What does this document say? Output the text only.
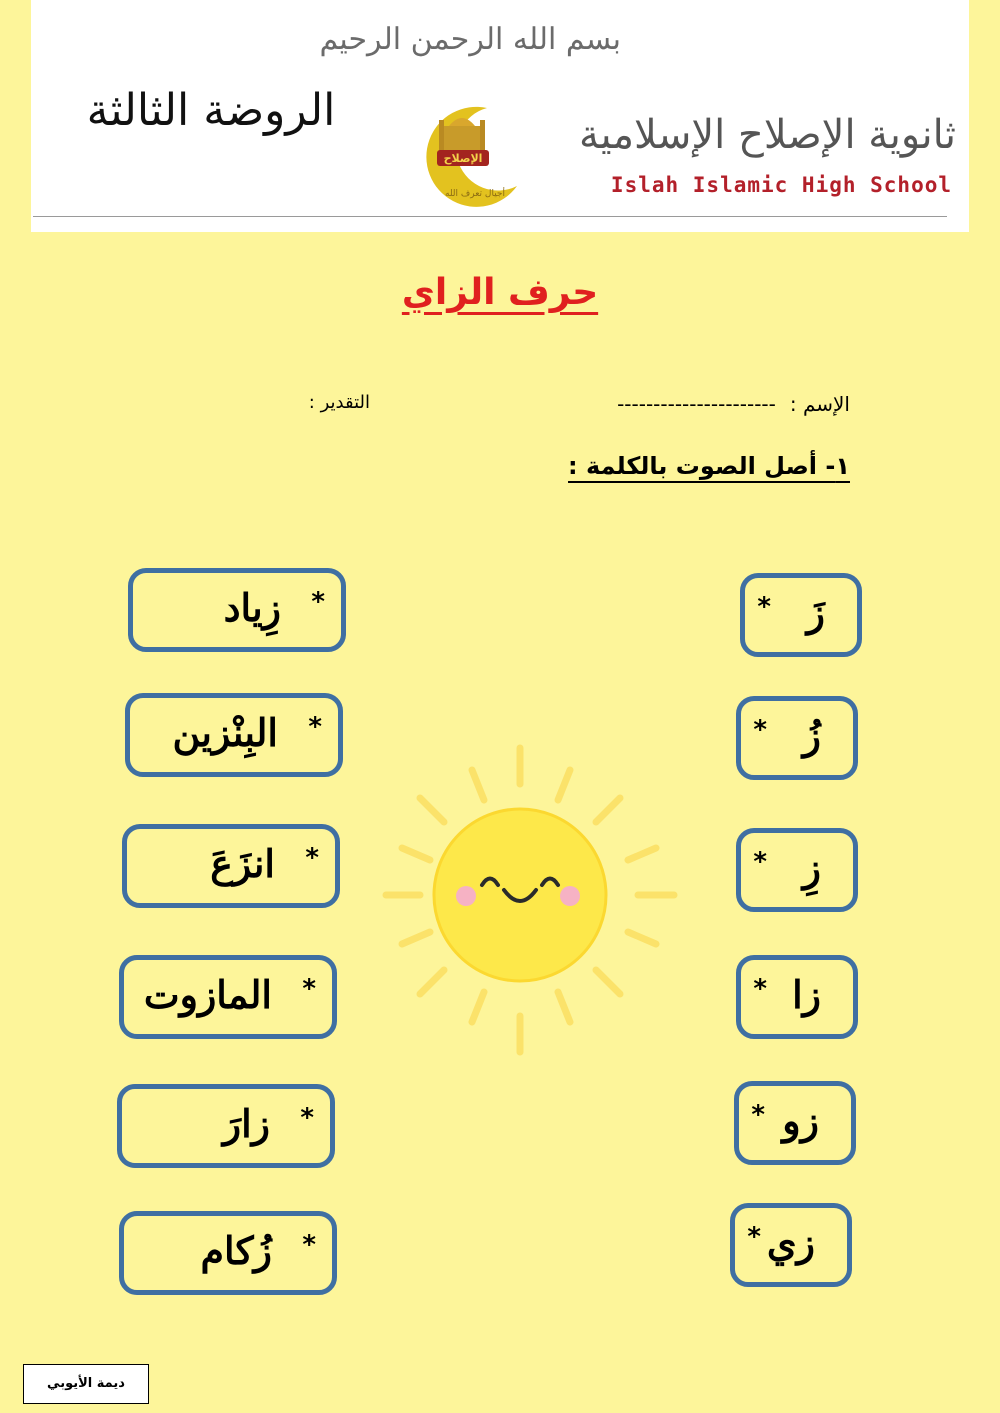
بسم الله الرحمن الرحيم
الروضة الثالثة
الإصلاح
أجيال تعرف الله
ثانوية الإصلاح الإسلامية
Islah Islamic High School
حرف الزاي
الإسم :----------------------
التقدير :
١- أصل الصوت بالكلمة :
* زَ
* زُ
* زِ
* زا
* زو
* زي
*
زِياد
*
البِنْزين
*
انزَعَ
*
المازوت
*
زارَ
*
زُكام
ديمة الأيوبي
